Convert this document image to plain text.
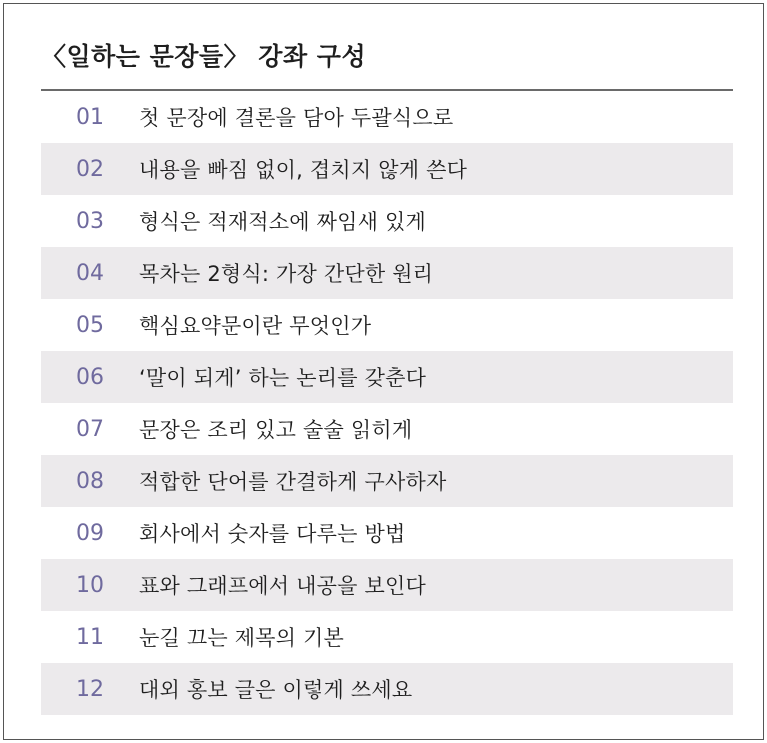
〈일하는 문장들〉 강좌 구성
01	첫 문장에 결론을 담아 두괄식으로
02	내용을 빠짐 없이, 겹치지 않게 쓴다
03	형식은 적재적소에 짜임새 있게
04	목차는 2형식: 가장 간단한 원리
05	핵심요약문이란 무엇인가
06	‘말이 되게’ 하는 논리를 갖춘다
07	문장은 조리 있고 술술 읽히게
08	적합한 단어를 간결하게 구사하자
09	회사에서 숫자를 다루는 방법
10	표와 그래프에서 내공을 보인다
11	눈길 끄는 제목의 기본
12	대외 홍보 글은 이렇게 쓰세요
